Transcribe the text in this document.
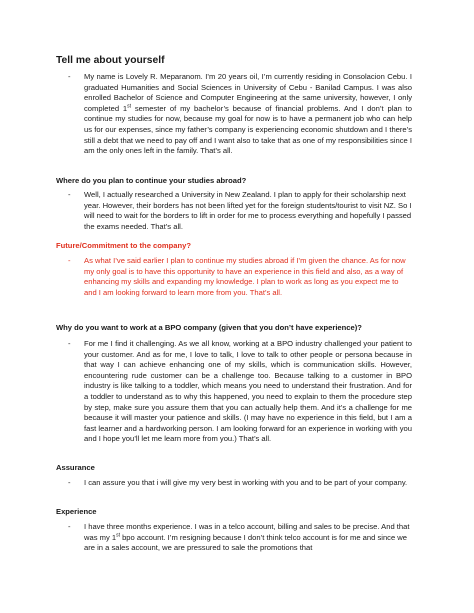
Tell me about yourself
- My name is Lovely R. Meparanom. I’m 20 years oil, I’m currently residing in Consolacion Cebu. I graduated Humanities and Social Sciences in University of Cebu - Banilad Campus. I was also enrolled Bachelor of Science and Computer Engineering at the same university, however, I only completed 1st semester of my bachelor’s because of financial problems. And I don’t plan to continue my studies for now, because my goal for now is to have a permanent job who can help us for our expenses, since my father’s company is experiencing economic shutdown and I there’s still a debt that we need to pay off and I want also to take that as one of my responsibilities since I am the only ones left in the family. That’s all.
Where do you plan to continue your studies abroad?
- Well, I actually researched a University in New Zealand. I plan to apply for their scholarship next year. However, their borders has not been lifted yet for the foreign students/tourist to visit NZ. So I will need to wait for the borders to lift in order for me to process everything and hopefully I passed the exams needed. That’s all.
Future/Commitment to the company?
- As what I’ve said earlier I plan to continue my studies abroad if I’m given the chance. As for now my only goal is to have this opportunity to have an experience in this field and also, as a way of enhancing my skills and expanding my knowledge. I plan to work as long as you expect me to and I am looking forward to learn more from you. That’s all.
Why do you want to work at a BPO company (given that you don’t have experience)?
- For me I find it challenging. As we all know, working at a BPO industry challenged your patient to your customer. And as for me, I love to talk, I love to talk to other people or persona because in that way I can achieve enhancing one of my skills, which is communication skills. However, encountering rude customer can be a challenge too. Because talking to a customer in BPO industry is like talking to a toddler, which means you need to understand their frustration. And for a toddler to understand as to why this happened, you need to explain to them the procedure step by step, make sure you assure them that you can actually help them. And it’s a challenge for me because it will master your patience and skills. (I may have no experience in this field, but I am a fast learner and a hardworking person. I am looking forward for an experience in working with you and I hope you’ll let me learn more from you.) That’s all.
Assurance
- I can assure you that i will give my very best in working with you and to be part of your company.
Experience
- I have three months experience. I was in a telco account, billing and sales to be precise. And that was my 1st bpo account. I’m resigning because I don’t think telco account is for me and since we are in a sales account, we are pressured to sale the promotions that
